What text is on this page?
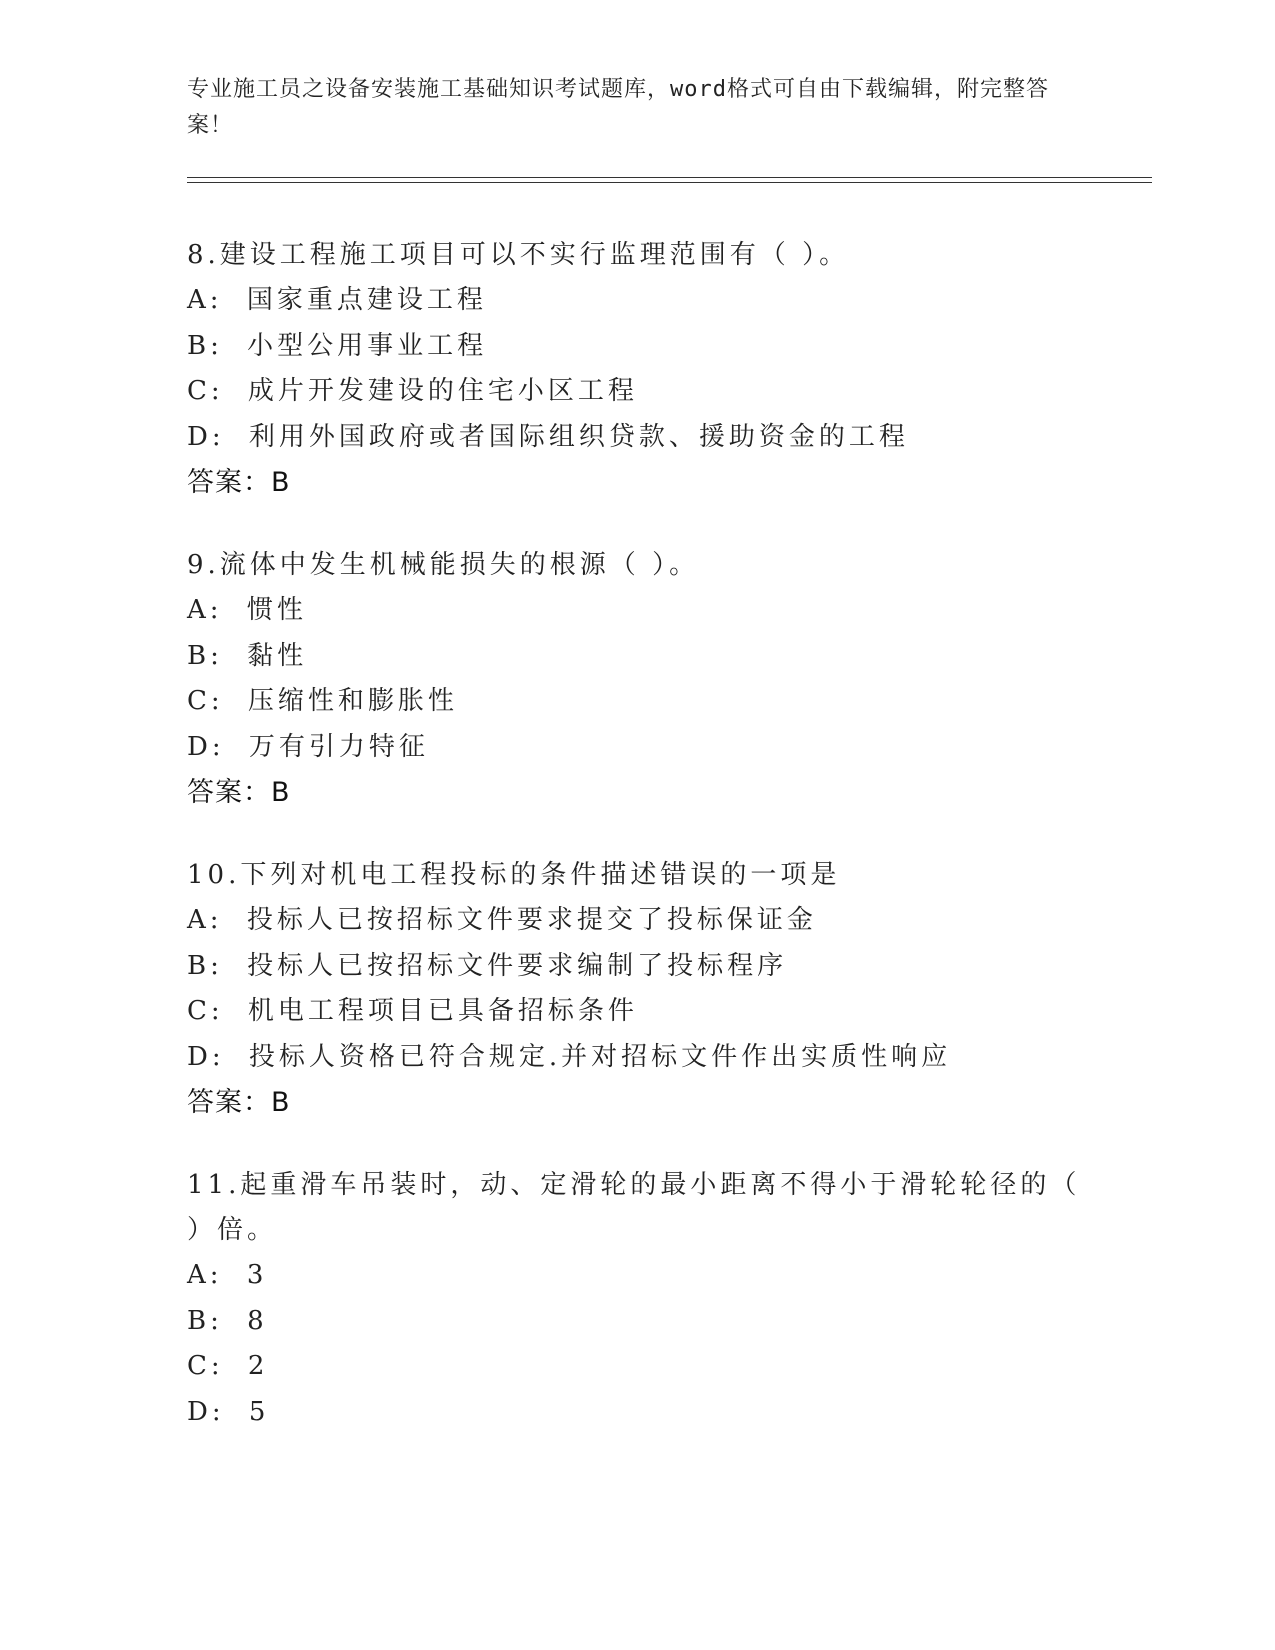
专业施工员之设备安装施工基础知识考试题库，word格式可自由下载编辑，附完整答案！
8.建设工程施工项目可以不实行监理范围有（ ）。
A: 国家重点建设工程
B: 小型公用事业工程
C: 成片开发建设的住宅小区工程
D: 利用外国政府或者国际组织贷款、援助资金的工程
答案：B
9.流体中发生机械能损失的根源（ ）。
A: 惯性
B: 黏性
C: 压缩性和膨胀性
D: 万有引力特征
答案：B
10.下列对机电工程投标的条件描述错误的一项是
A: 投标人已按招标文件要求提交了投标保证金
B: 投标人已按招标文件要求编制了投标程序
C: 机电工程项目已具备招标条件
D: 投标人资格已符合规定.并对招标文件作出实质性响应
答案：B
11.起重滑车吊装时，动、定滑轮的最小距离不得小于滑轮轮径的（ ）倍。
A: 3
B: 8
C: 2
D: 5
